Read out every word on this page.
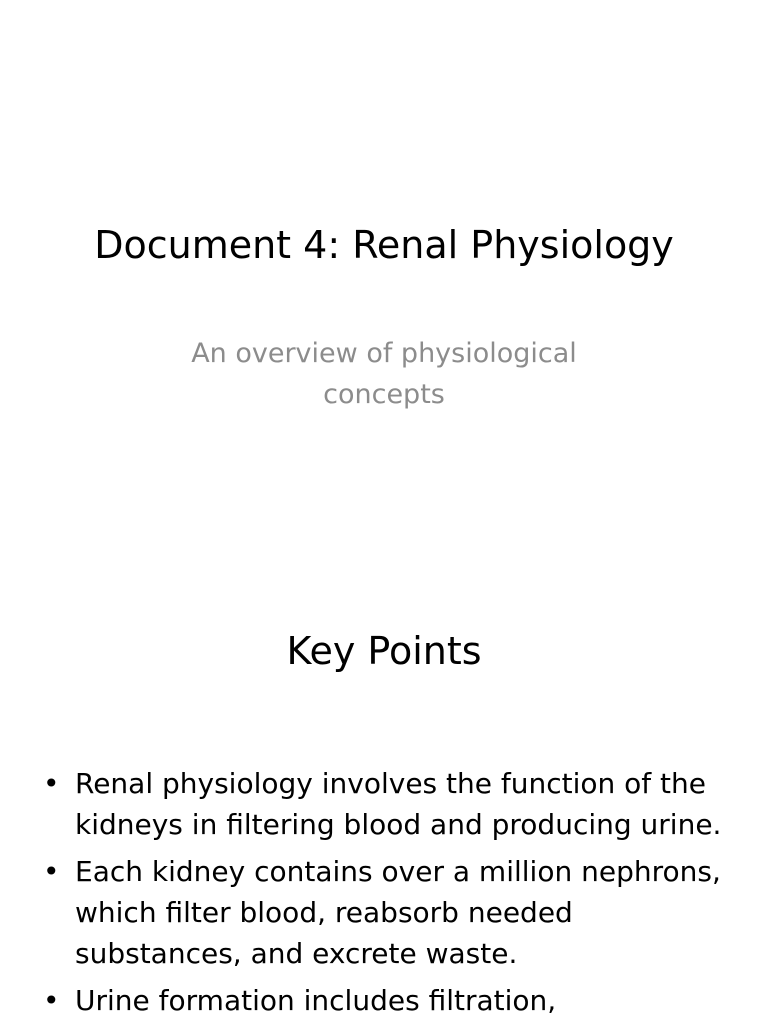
Document 4: Renal Physiology
An overview of physiological concepts
Key Points
• Renal physiology involves the function of the kidneys in filtering blood and producing urine.
• Each kidney contains over a million nephrons, which filter blood, reabsorb needed substances, and excrete waste.
• Urine formation includes filtration,
